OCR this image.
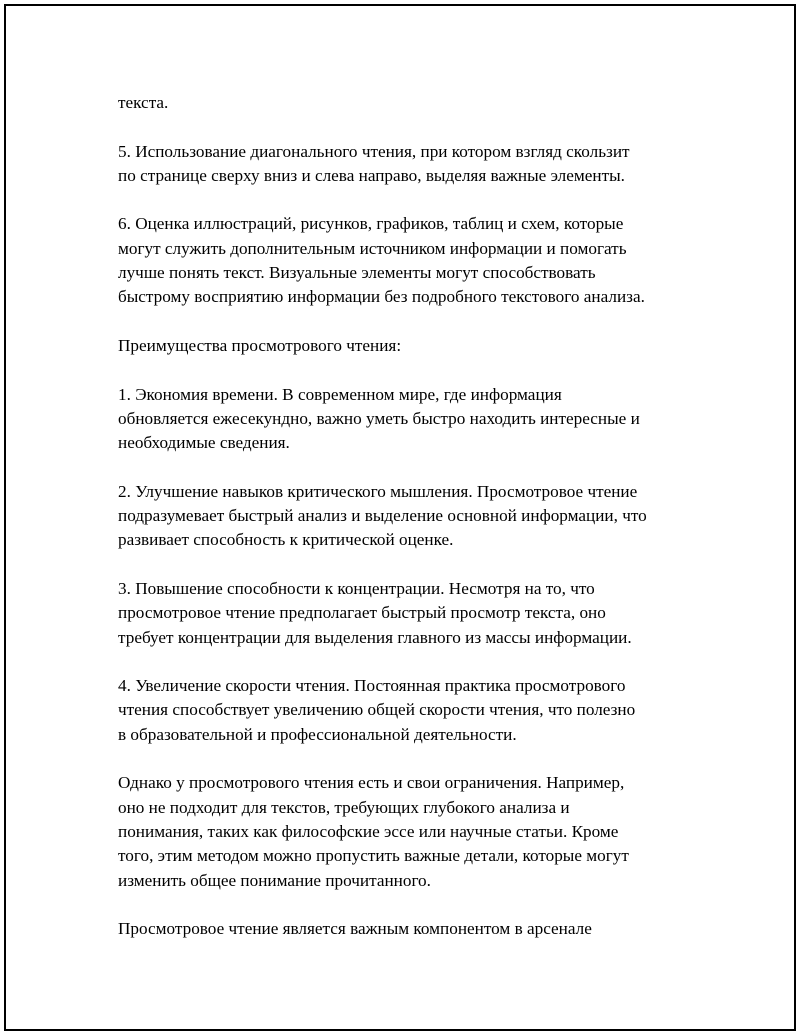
текста.
5. Использование диагонального чтения, при котором взгляд скользит
по странице сверху вниз и слева направо, выделяя важные элементы.
6. Оценка иллюстраций, рисунков, графиков, таблиц и схем, которые
могут служить дополнительным источником информации и помогать
лучше понять текст. Визуальные элементы могут способствовать
быстрому восприятию информации без подробного текстового анализа.
Преимущества просмотрового чтения:
1. Экономия времени. В современном мире, где информация
обновляется ежесекундно, важно уметь быстро находить интересные и
необходимые сведения.
2. Улучшение навыков критического мышления. Просмотровое чтение
подразумевает быстрый анализ и выделение основной информации, что
развивает способность к критической оценке.
3. Повышение способности к концентрации. Несмотря на то, что
просмотровое чтение предполагает быстрый просмотр текста, оно
требует концентрации для выделения главного из массы информации.
4. Увеличение скорости чтения. Постоянная практика просмотрового
чтения способствует увеличению общей скорости чтения, что полезно
в образовательной и профессиональной деятельности.
Однако у просмотрового чтения есть и свои ограничения. Например,
оно не подходит для текстов, требующих глубокого анализа и
понимания, таких как философские эссе или научные статьи. Кроме
того, этим методом можно пропустить важные детали, которые могут
изменить общее понимание прочитанного.
Просмотровое чтение является важным компонентом в арсенале
